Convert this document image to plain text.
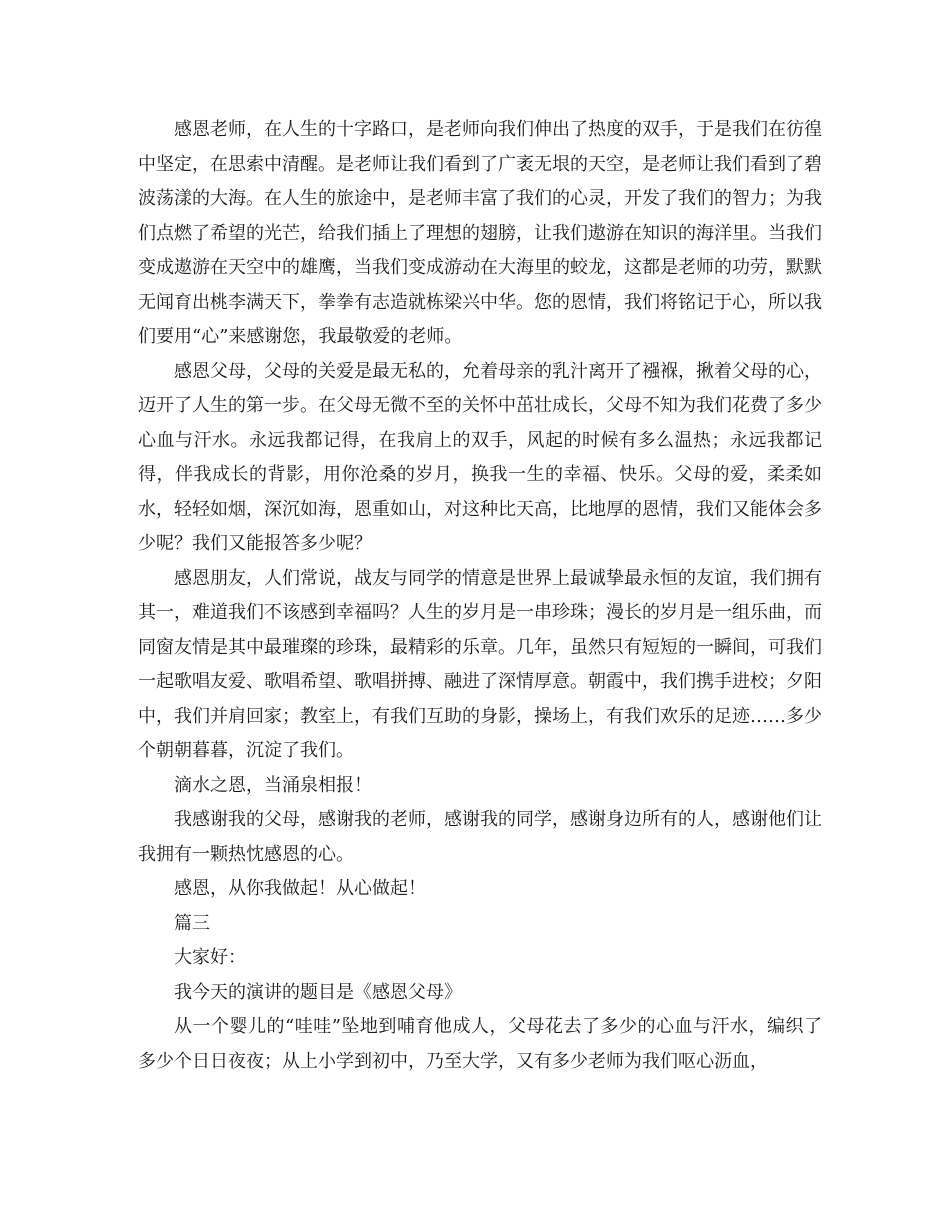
感恩老师，在人生的十字路口，是老师向我们伸出了热度的双手，于是我们在彷徨中坚定，在思索中清醒。是老师让我们看到了广袤无垠的天空，是老师让我们看到了碧波荡漾的大海。在人生的旅途中，是老师丰富了我们的心灵，开发了我们的智力；为我们点燃了希望的光芒，给我们插上了理想的翅膀，让我们遨游在知识的海洋里。当我们变成遨游在天空中的雄鹰，当我们变成游动在大海里的蛟龙，这都是老师的功劳，默默无闻育出桃李满天下，拳拳有志造就栋梁兴中华。您的恩情，我们将铭记于心，所以我们要用“心”来感谢您，我最敬爱的老师。

感恩父母，父母的关爱是最无私的，允着母亲的乳汁离开了襁褓，揪着父母的心，迈开了人生的第一步。在父母无微不至的关怀中茁壮成长，父母不知为我们花费了多少心血与汗水。永远我都记得，在我肩上的双手，风起的时候有多么温热；永远我都记得，伴我成长的背影，用你沧桑的岁月，换我一生的幸福、快乐。父母的爱，柔柔如水，轻轻如烟，深沉如海，恩重如山，对这种比天高，比地厚的恩情，我们又能体会多少呢？我们又能报答多少呢？

感恩朋友，人们常说，战友与同学的情意是世界上最诚挚最永恒的友谊，我们拥有其一，难道我们不该感到幸福吗？人生的岁月是一串珍珠；漫长的岁月是一组乐曲，而同窗友情是其中最璀璨的珍珠，最精彩的乐章。几年，虽然只有短短的一瞬间，可我们一起歌唱友爱、歌唱希望、歌唱拼搏、融进了深情厚意。朝霞中，我们携手进校；夕阳中，我们并肩回家；教室上，有我们互助的身影，操场上，有我们欢乐的足迹……多少个朝朝暮暮，沉淀了我们。

滴水之恩，当涌泉相报！

我感谢我的父母，感谢我的老师，感谢我的同学，感谢身边所有的人，感谢他们让我拥有一颗热忱感恩的心。

感恩，从你我做起！从心做起！

篇三

大家好：

我今天的演讲的题目是《感恩父母》

从一个婴儿的“哇哇”坠地到哺育他成人，父母花去了多少的心血与汗水，编织了多少个日日夜夜；从上小学到初中，乃至大学，又有多少老师为我们呕心沥血，
